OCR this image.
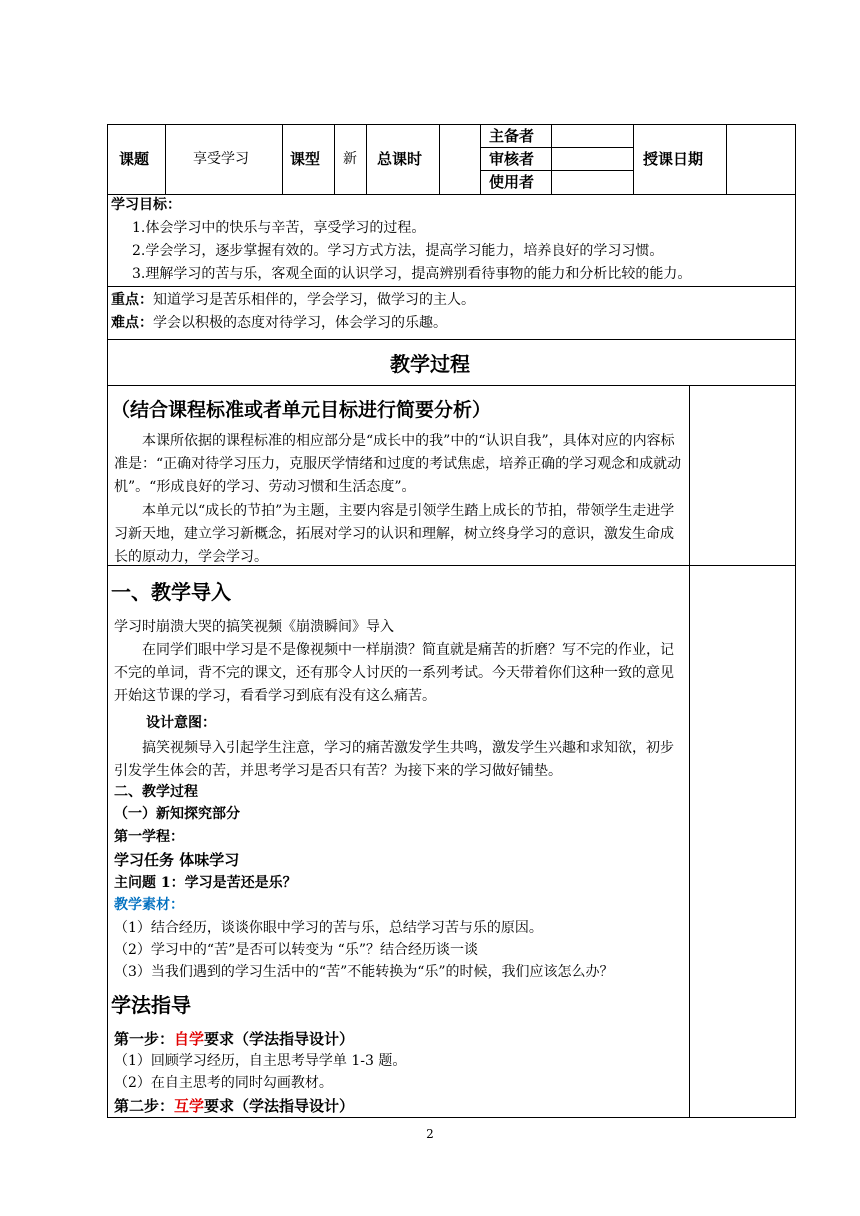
课题	享受学习	课型 新 总课时
主备者
审核者
使用者
授课日期
学习目标：
1.体会学习中的快乐与辛苦，享受学习的过程。
2.学会学习，逐步掌握有效的。学习方式方法，提高学习能力，培养良好的学习习惯。
3.理解学习的苦与乐，客观全面的认识学习，提高辨别看待事物的能力和分析比较的能力。
重点：知道学习是苦乐相伴的，学会学习，做学习的主人。
难点：学会以积极的态度对待学习，体会学习的乐趣。
教学过程
（结合课程标准或者单元目标进行简要分析）
本课所依据的课程标准的相应部分是“成长中的我”中的“认识自我”，具体对应的内容标准是：“正确对待学习压力，克服厌学情绪和过度的考试焦虑，培养正确的学习观念和成就动机”。“形成良好的学习、劳动习惯和生活态度”。
本单元以“成长的节拍”为主题，主要内容是引领学生踏上成长的节拍，带领学生走进学习新天地，建立学习新概念，拓展对学习的认识和理解，树立终身学习的意识，激发生命成长的原动力，学会学习。
一、教学导入
学习时崩溃大哭的搞笑视频《崩溃瞬间》导入
在同学们眼中学习是不是像视频中一样崩溃？简直就是痛苦的折磨？写不完的作业，记不完的单词，背不完的课文，还有那令人讨厌的一系列考试。今天带着你们这种一致的意见开始这节课的学习，看看学习到底有没有这么痛苦。
设计意图：
搞笑视频导入引起学生注意，学习的痛苦激发学生共鸣，激发学生兴趣和求知欲，初步引发学生体会的苦，并思考学习是否只有苦？为接下来的学习做好铺垫。
二、教学过程
（一）新知探究部分
第一学程：
学习任务 体味学习
主问题 1：学习是苦还是乐？
教学素材：
（1）结合经历，谈谈你眼中学习的苦与乐，总结学习苦与乐的原因。
（2）学习中的“苦”是否可以转变为 “乐”？结合经历谈一谈
（3）当我们遇到的学习生活中的“苦”不能转换为“乐”的时候，我们应该怎么办？
学法指导
第一步：自学要求（学法指导设计）
（1）回顾学习经历，自主思考导学单 1-3 题。
（2）在自主思考的同时勾画教材。
第二步：互学要求（学法指导设计）
2
